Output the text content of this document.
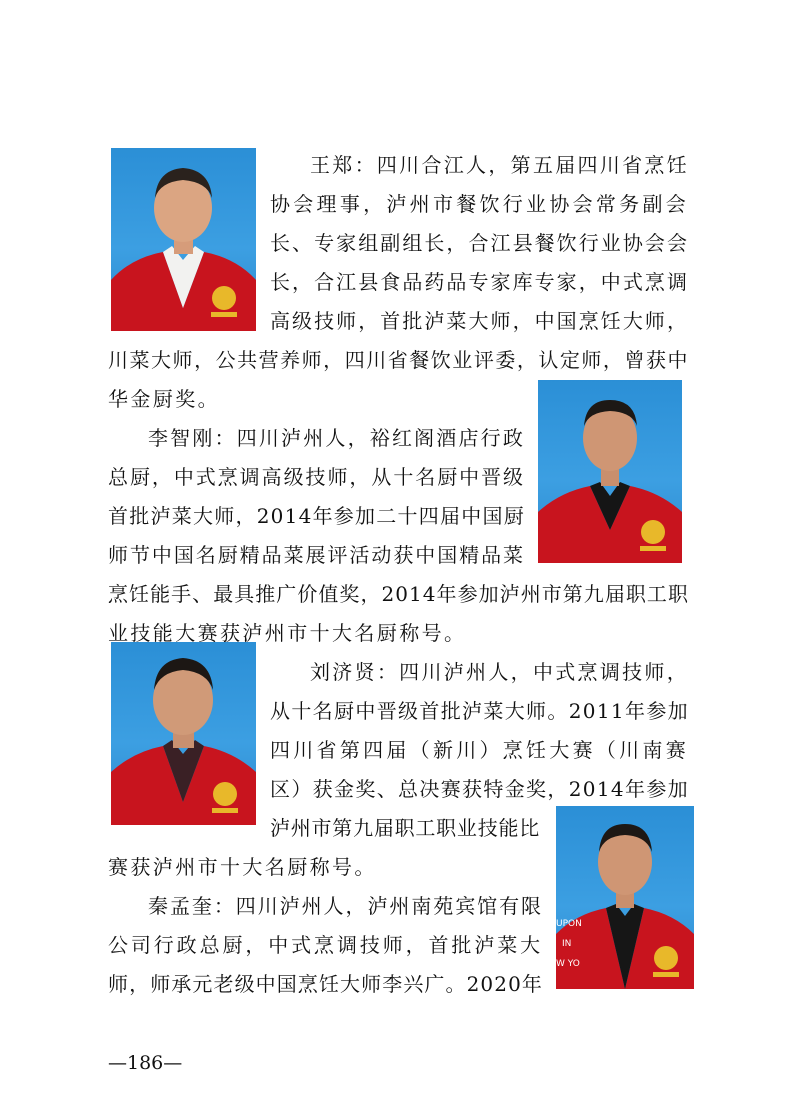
UPON
IN
W YO
王郑：四川合江人，第五届四川省烹饪
协会理事，泸州市餐饮行业协会常务副会
长、专家组副组长，合江县餐饮行业协会会
长，合江县食品药品专家库专家，中式烹调
高级技师，首批泸菜大师，中国烹饪大师，
川菜大师，公共营养师，四川省餐饮业评委，认定师，曾获中
华金厨奖。
李智刚：四川泸州人，裕红阁酒店行政
总厨，中式烹调高级技师，从十名厨中晋级
首批泸菜大师，2014年参加二十四届中国厨
师节中国名厨精品菜展评活动获中国精品菜
烹饪能手、最具推广价值奖，2014年参加泸州市第九届职工职
业技能大赛获泸州市十大名厨称号。
刘济贤：四川泸州人，中式烹调技师，
从十名厨中晋级首批泸菜大师。2011年参加
四川省第四届（新川）烹饪大赛（川南赛
区）获金奖、总决赛获特金奖，2014年参加
泸州市第九届职工职业技能比
赛获泸州市十大名厨称号。
秦孟奎：四川泸州人，泸州南苑宾馆有限
公司行政总厨，中式烹调技师，首批泸菜大
师，师承元老级中国烹饪大师李兴广。2020年
—186—
